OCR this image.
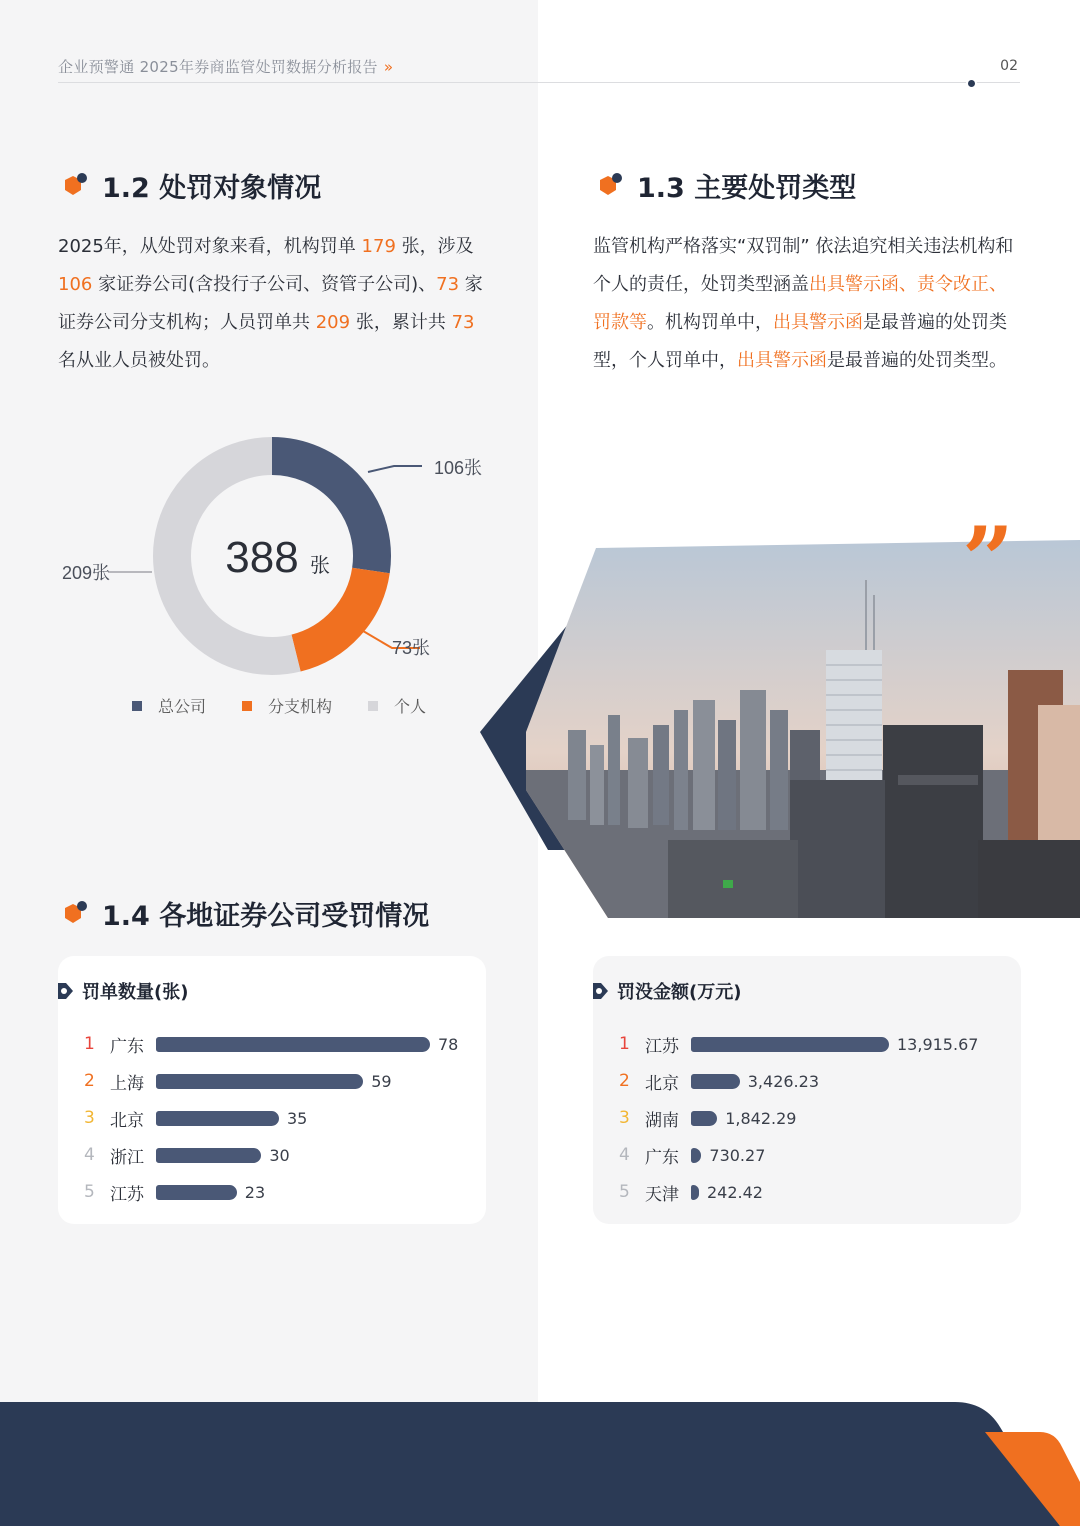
企业预警通 2025年券商监管处罚数据分析报告 »	02
1.2 处罚对象情况
2025年，从处罚对象来看，机构罚单 179 张，涉及 106 家证券公司(含投行子公司、资管子公司)、73 家证券公司分支机构；人员罚单共 209 张，累计共 73 名从业人员被处罚。
106张
73张
209张	388 张
总公司	分支机构	个人
1.3 主要处罚类型
监管机构严格落实“双罚制” 依法追究相关违法机构和个人的责任，处罚类型涵盖出具警示函、责令改正、罚款等。机构罚单中，出具警示函是最普遍的处罚类型，个人罚单中，出具警示函是最普遍的处罚类型。
”
1.4 各地证券公司受罚情况
罚单数量(张)
1 广东	78
2 上海	59
3 北京	35
4 浙江	30
5 江苏	23
罚没金额(万元)
1 江苏	13,915.67
2 北京	3,426.23
3 湖南	1,842.29
4 广东	730.27
5 天津	242.42
